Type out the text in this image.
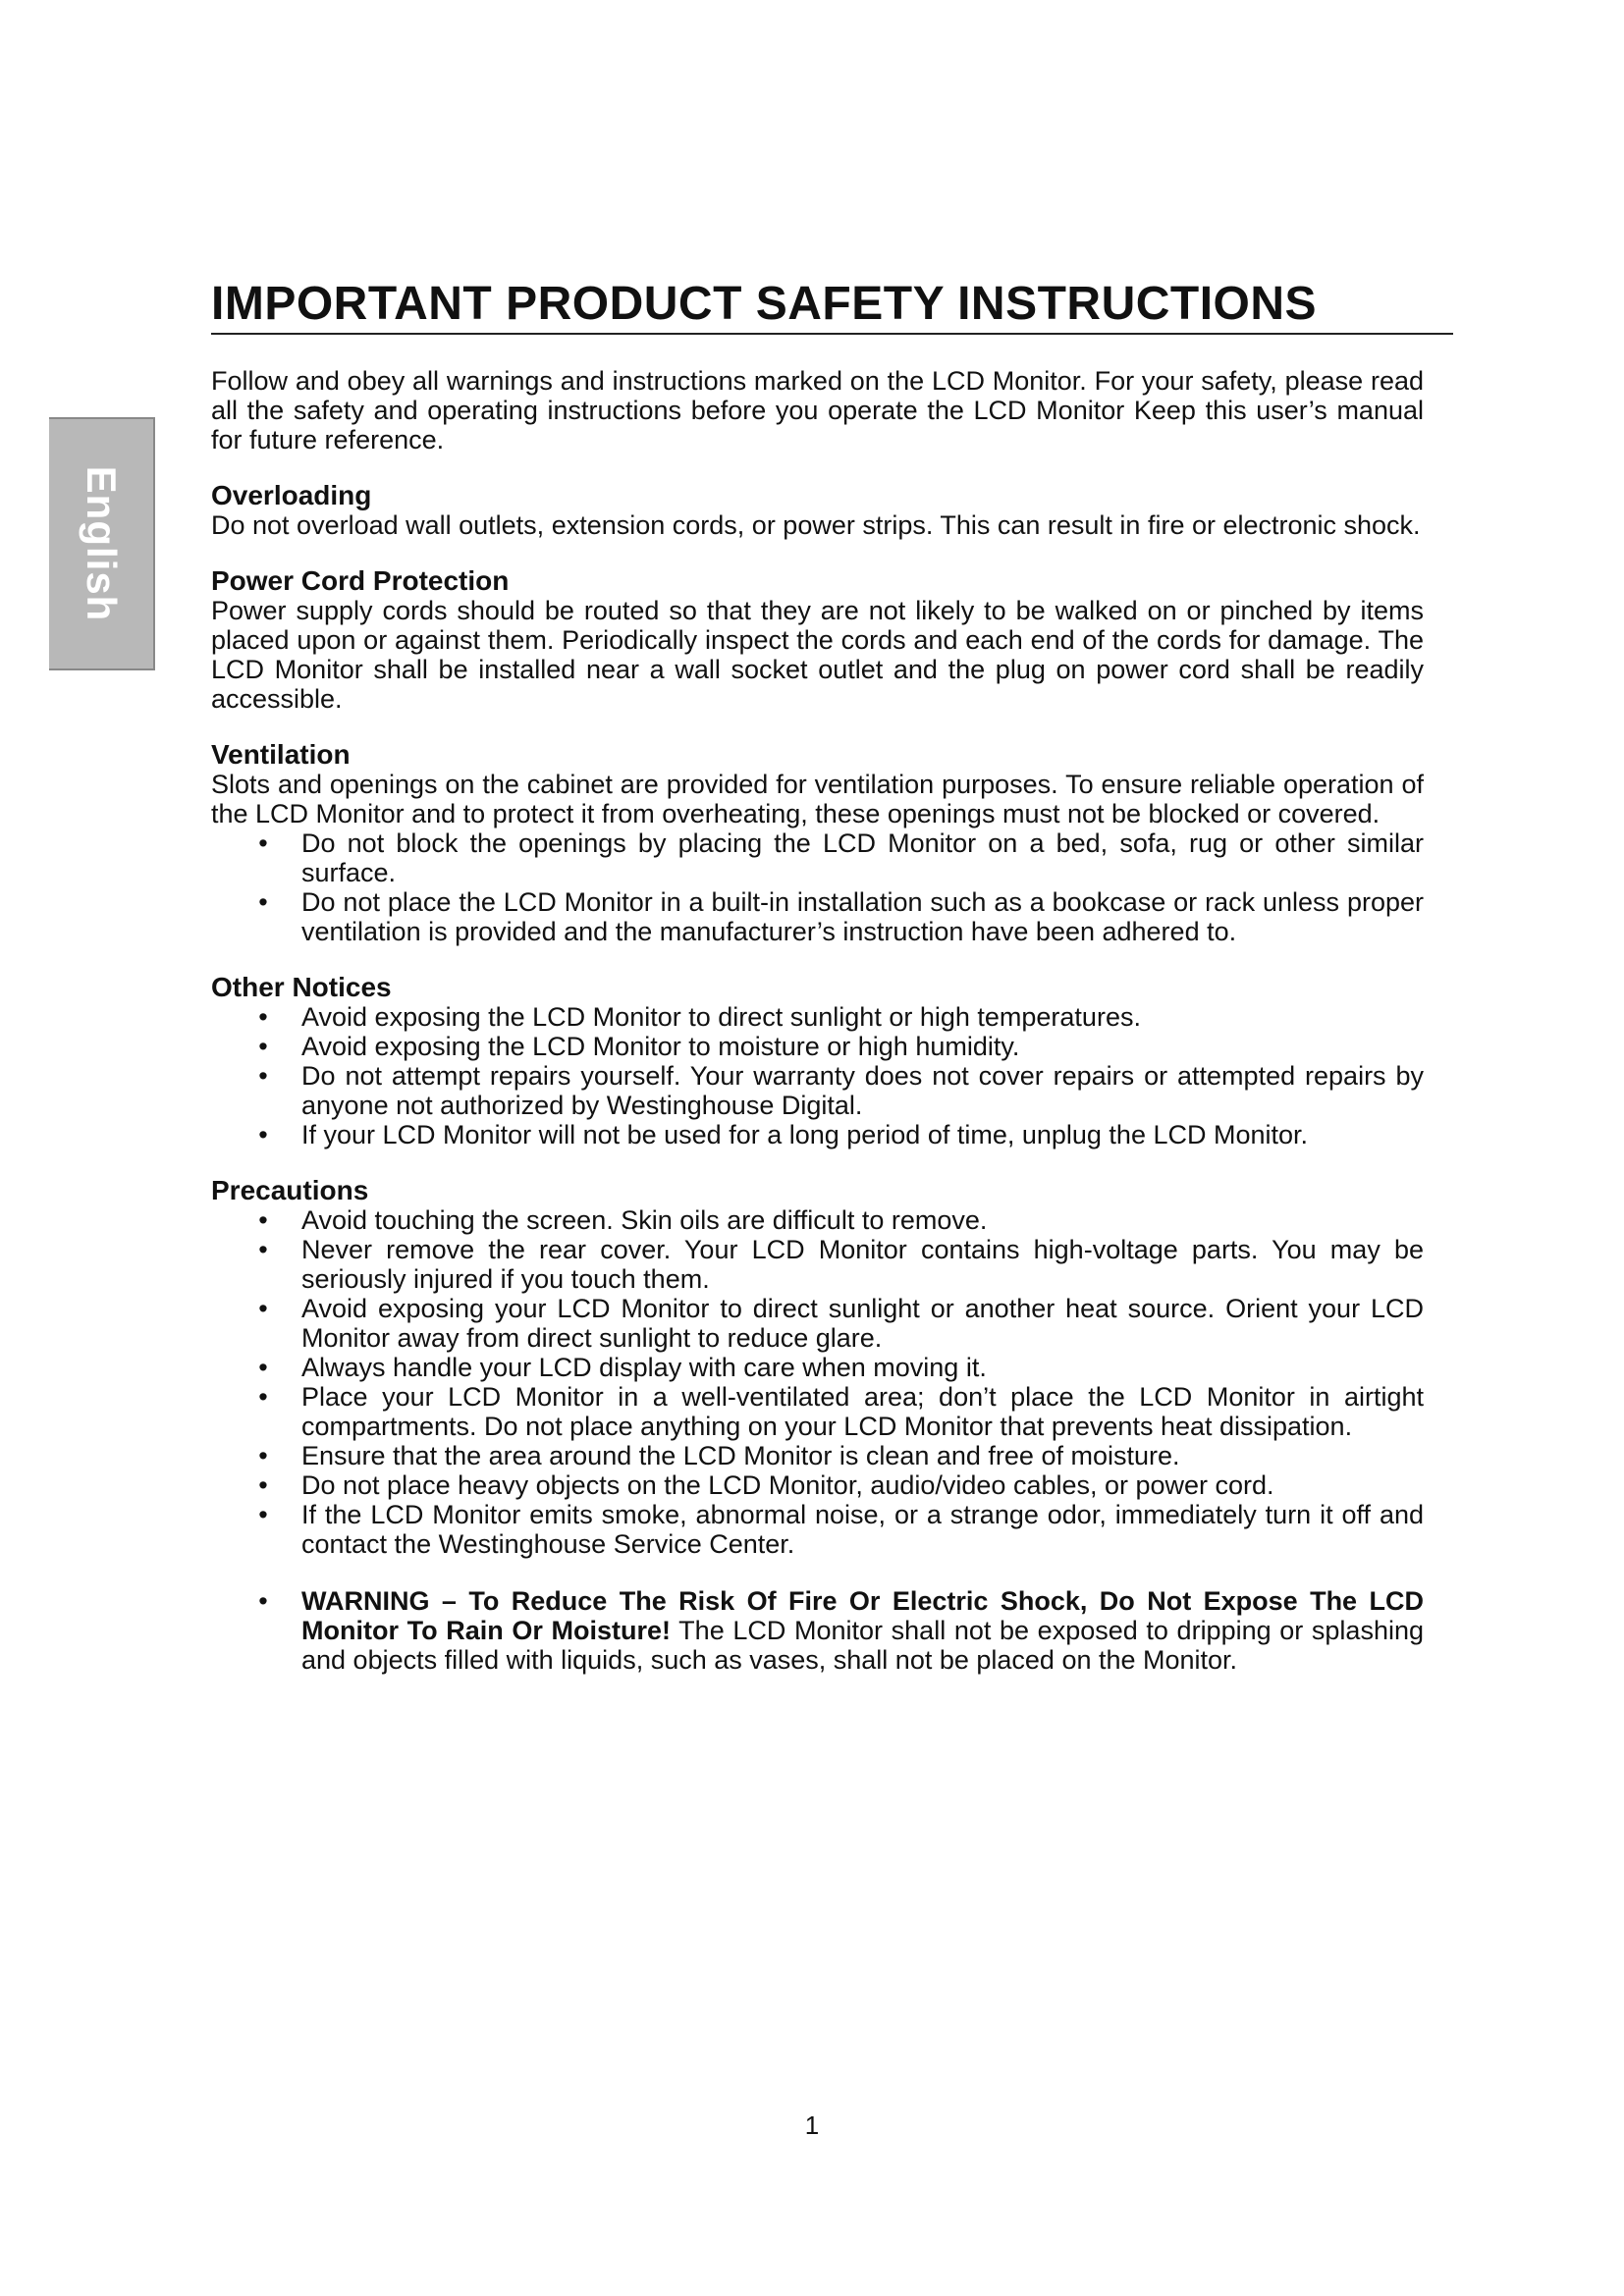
English
IMPORTANT PRODUCT SAFETY INSTRUCTIONS

Follow and obey all warnings and instructions marked on the LCD Monitor. For your safety, please read all the safety and operating instructions before you operate the LCD Monitor Keep this user’s manual for future reference.

Overloading

Do not overload wall outlets, extension cords, or power strips. This can result in fire or electronic shock.

Power Cord Protection

Power supply cords should be routed so that they are not likely to be walked on or pinched by items placed upon or against them. Periodically inspect the cords and each end of the cords for damage. The LCD Monitor shall be installed near a wall socket outlet and the plug on power cord shall be readily accessible.

Ventilation

Slots and openings on the cabinet are provided for ventilation purposes. To ensure reliable operation of the LCD Monitor and to protect it from overheating, these openings must not be blocked or covered.

• Do not block the openings by placing the LCD Monitor on a bed, sofa, rug or other similar surface.
• Do not place the LCD Monitor in a built-in installation such as a bookcase or rack unless proper ventilation is provided and the manufacturer’s instruction have been adhered to.
Other Notices
• Avoid exposing the LCD Monitor to direct sunlight or high temperatures.
• Avoid exposing the LCD Monitor to moisture or high humidity.
• Do not attempt repairs yourself. Your warranty does not cover repairs or attempted repairs by anyone not authorized by Westinghouse Digital.
• If your LCD Monitor will not be used for a long period of time, unplug the LCD Monitor.
Precautions
• Avoid touching the screen. Skin oils are difficult to remove.
• Never remove the rear cover. Your LCD Monitor contains high-voltage parts. You may be seriously injured if you touch them.
• Avoid exposing your LCD Monitor to direct sunlight or another heat source. Orient your LCD Monitor away from direct sunlight to reduce glare.
• Always handle your LCD display with care when moving it.
• Place your LCD Monitor in a well-ventilated area; don’t place the LCD Monitor in airtight compartments. Do not place anything on your LCD Monitor that prevents heat dissipation.
• Ensure that the area around the LCD Monitor is clean and free of moisture.
• Do not place heavy objects on the LCD Monitor, audio/video cables, or power cord.
• If the LCD Monitor emits smoke, abnormal noise, or a strange odor, immediately turn it off and contact the Westinghouse Service Center.
• WARNING – To Reduce The Risk Of Fire Or Electric Shock, Do Not Expose The LCD Monitor To Rain Or Moisture! The LCD Monitor shall not be exposed to dripping or splashing and objects filled with liquids, such as vases, shall not be placed on the Monitor.
1
